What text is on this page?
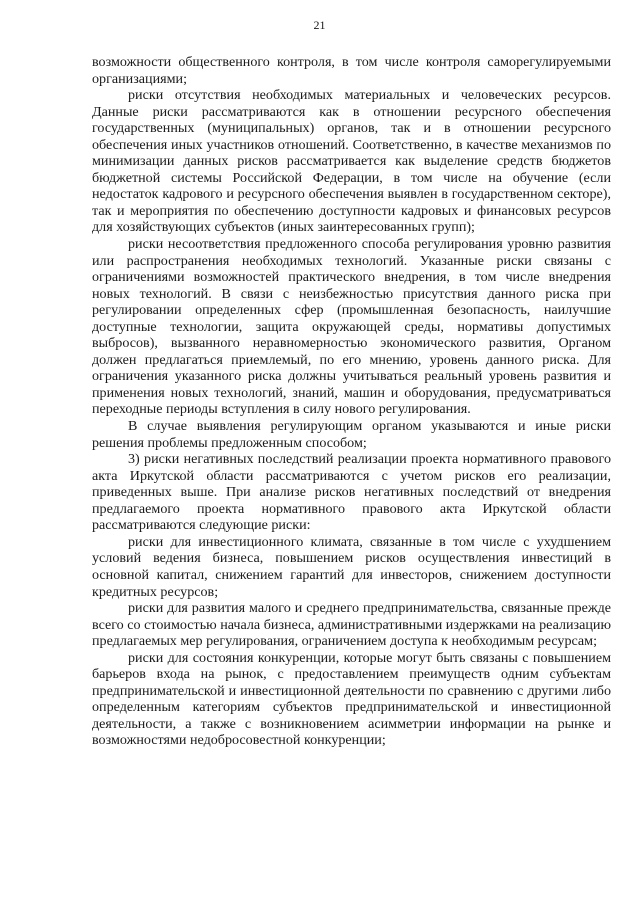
21

возможности общественного контроля, в том числе контроля саморегулируемыми организациями;

риски отсутствия необходимых материальных и человеческих ресурсов. Данные риски рассматриваются как в отношении ресурсного обеспечения государственных (муниципальных) органов, так и в отношении ресурсного обеспечения иных участников отношений. Соответственно, в качестве механизмов по минимизации данных рисков рассматривается как выделение средств бюджетов бюджетной системы Российской Федерации, в том числе на обучение (если недостаток кадрового и ресурсного обеспечения выявлен в государственном секторе), так и мероприятия по обеспечению доступности кадровых и финансовых ресурсов для хозяйствующих субъектов (иных заинтересованных групп);

риски несоответствия предложенного способа регулирования уровню развития или распространения необходимых технологий. Указанные риски связаны с ограничениями возможностей практического внедрения, в том числе внедрения новых технологий. В связи с неизбежностью присутствия данного риска при регулировании определенных сфер (промышленная безопасность, наилучшие доступные технологии, защита окружающей среды, нормативы допустимых выбросов), вызванного неравномерностью экономического развития, Органом должен предлагаться приемлемый, по его мнению, уровень данного риска. Для ограничения указанного риска должны учитываться реальный уровень развития и применения новых технологий, знаний, машин и оборудования, предусматриваться переходные периоды вступления в силу нового регулирования.

В случае выявления регулирующим органом указываются и иные риски решения проблемы предложенным способом;

3) риски негативных последствий реализации проекта нормативного правового акта Иркутской области рассматриваются с учетом рисков его реализации, приведенных выше. При анализе рисков негативных последствий от внедрения предлагаемого проекта нормативного правового акта Иркутской области рассматриваются следующие риски:

риски для инвестиционного климата, связанные в том числе с ухудшением условий ведения бизнеса, повышением рисков осуществления инвестиций в основной капитал, снижением гарантий для инвесторов, снижением доступности кредитных ресурсов;

риски для развития малого и среднего предпринимательства, связанные прежде всего со стоимостью начала бизнеса, административными издержками на реализацию предлагаемых мер регулирования, ограничением доступа к необходимым ресурсам;

риски для состояния конкуренции, которые могут быть связаны с повышением барьеров входа на рынок, с предоставлением преимуществ одним субъектам предпринимательской и инвестиционной деятельности по сравнению с другими либо определенным категориям субъектов предпринимательской и инвестиционной деятельности, а также с возникновением асимметрии информации на рынке и возможностями недобросовестной конкуренции;
